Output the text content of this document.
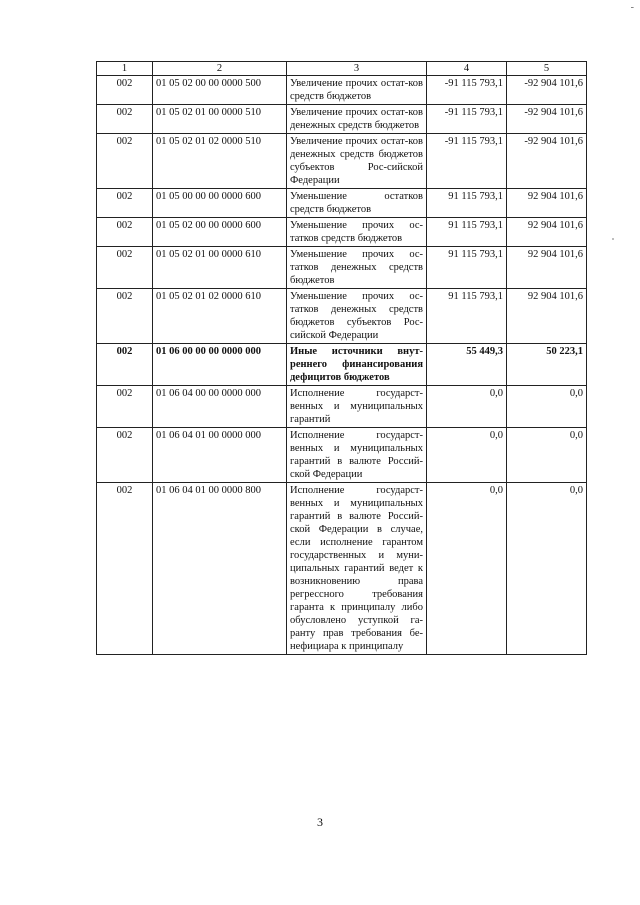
-
1	2	3	4	5
002	01 05 02 00 00 0000 500	Увеличение прочих остат-ков средств бюджетов	-91 115 793,1	-92 904 101,6
002	01 05 02 01 00 0000 510	Увеличение прочих остат-ков денежных средств бюджетов	-91 115 793,1	-92 904 101,6
002	01 05 02 01 02 0000 510	Увеличение прочих остат-ков денежных средств бюджетов субъектов Рос-сийской Федерации	-91 115 793,1	-92 904 101,6
002	01 05 00 00 00 0000 600	Уменьшение остатков средств бюджетов	91 115 793,1	92 904 101,6
002	01 05 02 00 00 0000 600	Уменьшение прочих ос-татков средств бюджетов	91 115 793,1	92 904 101,6
002	01 05 02 01 00 0000 610	Уменьшение прочих ос-татков денежных средств бюджетов	91 115 793,1	92 904 101,6
002	01 05 02 01 02 0000 610	Уменьшение прочих ос-татков денежных средств бюджетов субъектов Рос-сийской Федерации	91 115 793,1	92 904 101,6
002	01 06 00 00 00 0000 000	Иные источники внут-реннего финансирования дефицитов бюджетов	55 449,3	50 223,1
002	01 06 04 00 00 0000 000	Исполнение государст-венных и муниципальных гарантий	0,0	0,0
002	01 06 04 01 00 0000 000	Исполнение государст-венных и муниципальных гарантий в валюте Россий-ской Федерации	0,0	0,0
002	01 06 04 01 00 0000 800	Исполнение государст-венных и муниципальных гарантий в валюте Россий-ской Федерации в случае, если исполнение гарантом государственных и муни-ципальных гарантий ведет к возникновению права регрессного требования гаранта к принципалу либо обусловлено уступкой га-ранту прав требования бе-нефициара к принципалу	0,0	0,0
3
